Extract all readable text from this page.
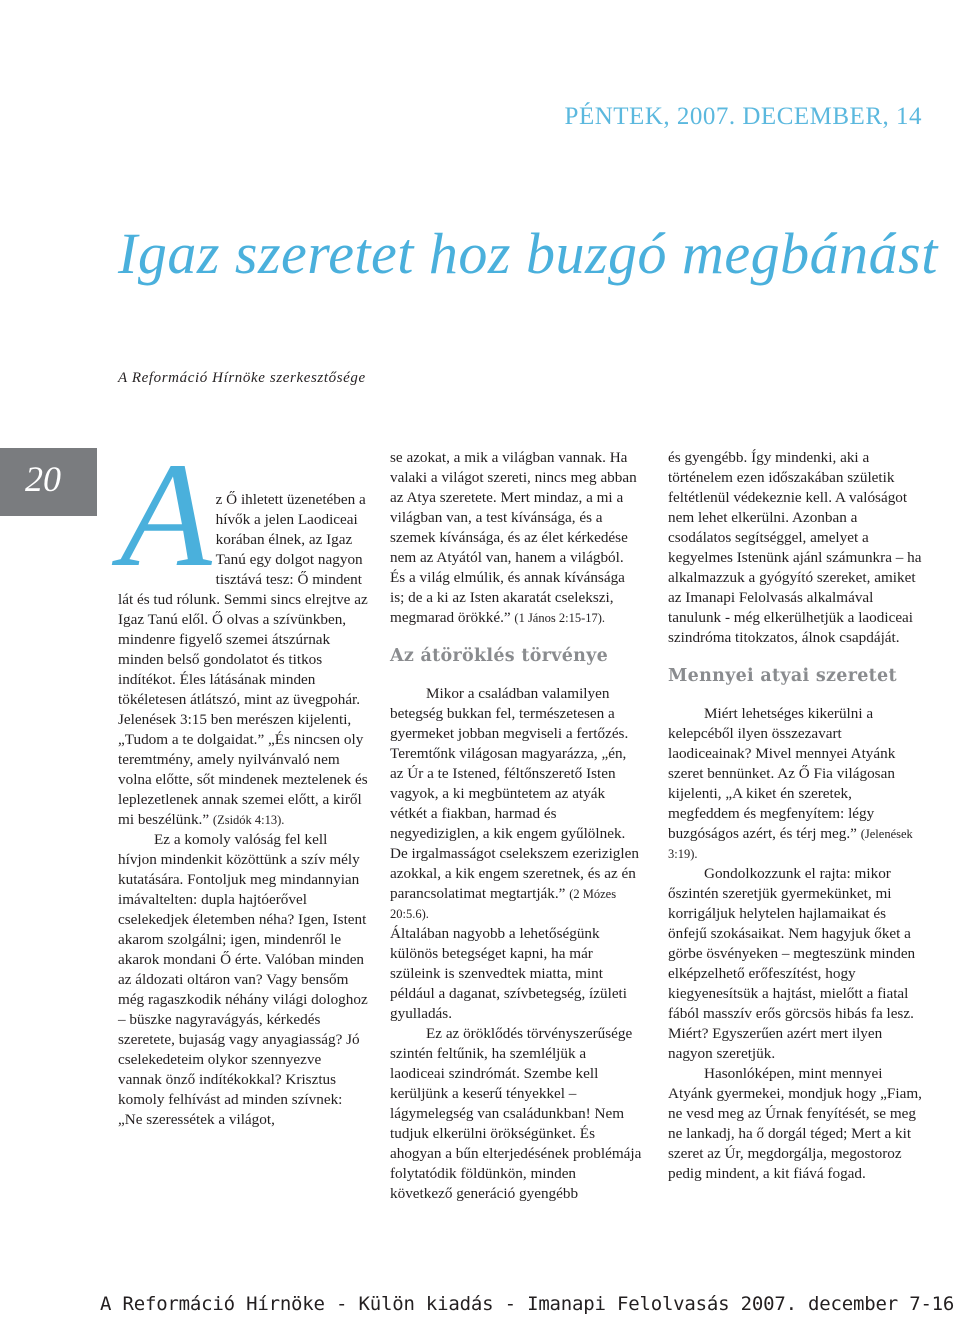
PÉNTEK, 2007. DECEMBER, 14
Igaz szeretet hoz buzgó megbánást
A Reformáció Hírnöke szerkesztősége
20 A z Ő ihletett üzenetében a hívők a jelen Laodiceai korában élnek, az Igaz Tanú egy dolgot nagyon tisztává tesz: Ő mindent lát és tud rólunk. Semmi sincs elrejtve az Igaz Tanú elől. Ő olvas a szívünkben, mindenre figyelő szemei átszúrnak minden belső gondolatot és titkos indítékot. Éles látásának minden tökéletesen átlátszó, mint az üvegpohár. Jelenések 3:15 ben merészen kijelenti, „Tudom a te dolgaidat.” „És nincsen oly teremtmény, amely nyilvánvaló nem volna előtte, sőt mindenek meztelenek és leplezetlenek annak szemei előtt, a kiről mi beszélünk.” (Zsidók 4:13).

Ez a komoly valóság fel kell hívjon mindenkit közöttünk a szív mély kutatására. Fontoljuk meg mindannyian imávaltelten: dupla hajtóerővel cselekedjek életemben néha? Igen, Istent akarom szolgálni; igen, mindenről le akarok mondani Ő érte. Valóban minden az áldozati oltáron van? Vagy bensőm még ragaszkodik néhány világi dologhoz – büszke nagyravágyás, kérkedés szeretete, bujaság vagy anyagiasság? Jó cselekedeteim olykor szennyezve vannak önző indítékokkal? Krisztus komoly felhívást ad minden szívnek: „Ne szeressétek a világot,

se azokat, a mik a világban vannak. Ha valaki a világot szereti, nincs meg abban az Atya szeretete. Mert mindaz, a mi a világban van, a test kívánsága, és a szemek kívánsága, és az élet kérkedése nem az Atyától van, hanem a világból. És a világ elmúlik, és annak kívánsága is; de a ki az Isten akaratát cselekszi, megmarad örökké.” (1 János 2:15-17).

Az átöröklés törvénye

Mikor a családban valamilyen betegség bukkan fel, természetesen a gyermeket jobban megviseli a fertőzés. Teremtőnk világosan magyarázza, „én, az Úr a te Istened, féltőnszerető Isten vagyok, a ki megbüntetem az atyák vétkét a fiakban, harmad és negyediziglen, a kik engem gyűlölnek. De irgalmasságot cselekszem ezeriziglen azokkal, a kik engem szeretnek, és az én parancsolatimat megtartják.” (2 Mózes 20:5.6).

Általában nagyobb a lehetőségünk különös betegséget kapni, ha már szüleink is szenvedtek miatta, mint például a daganat, szívbetegség, ízületi gyulladás.

Ez az öröklődés törvényszerűsége szintén feltűnik, ha szemléljük a laodiceai szindrómát. Szembe kell kerüljünk a keserű tényekkel – lágymelegség van családunkban! Nem tudjuk elkerülni örökségünket. És ahogyan a bűn elterjedésének problémája folytatódik földünkön, minden következő generáció gyengébb

és gyengébb. Így mindenki, aki a történelem ezen időszakában születik feltétlenül védekeznie kell. A valóságot nem lehet elkerülni. Azonban a csodálatos segítséggel, amelyet a kegyelmes Istenünk ajánl számunkra – ha alkalmazzuk a gyógyító szereket, amiket az Imanapi Felolvasás alkalmával tanulunk - még elkerülhetjük a laodiceai szindróma titokzatos, álnok csapdáját.

Mennyei atyai szeretet

Miért lehetséges kikerülni a kelepcéből ilyen összezavart laodiceainak? Mivel mennyei Atyánk szeret bennünket. Az Ő Fia világosan kijelenti, „A kiket én szeretek, megfeddem és megfenyítem: légy buzgóságos azért, és térj meg.” (Jelenések 3:19).

Gondolkozzunk el rajta: mikor őszintén szeretjük gyermekünket, mi korrigáljuk helytelen hajlamaikat és önfejű szokásaikat. Nem hagyjuk őket a görbe ösvényeken – megteszünk minden elképzelhető erőfeszítést, hogy kiegyenesítsük a hajtást, mielőtt a fiatal fából masszív erős görcsös hibás fa lesz. Miért? Egyszerűen azért mert ilyen nagyon szeretjük.

Hasonlóképen, mint mennyei Atyánk gyermekei, mondjuk hogy „Fiam, ne vesd meg az Úrnak fenyítését, se meg ne lankadj, ha ő dorgál téged; Mert a kit szeret az Úr, megdorgálja, megostoroz pedig mindent, a kit fiává fogad.

A Reformáció Hírnöke - Külön kiadás - Imanapi Felolvasás 2007. december 7-16
